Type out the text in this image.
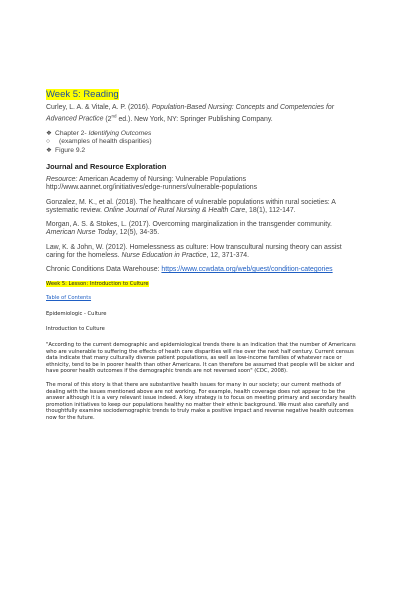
Week 5: Reading
Curley, L. A. & Vitale, A. P. (2016). Population-Based Nursing: Concepts and Competencies for Advanced Practice (2nd ed.). New York, NY: Springer Publishing Company.
❖ Chapter 2- Identifying Outcomes
○	(examples of health disparities)
❖ Figure 9.2
Journal and Resource Exploration
Resource: American Academy of Nursing: Vulnerable Populations
http://www.aannet.org/initiatives/edge-runners/vulnerable-populations
Gonzalez, M. K., et al. (2018). The healthcare of vulnerable populations within rural societies: A systematic review. Online Journal of Rural Nursing & Health Care, 18(1), 112-147.
Morgan, A. S. & Stokes, L. (2017). Overcoming marginalization in the transgender community. American Nurse Today, 12(5), 34-35.
Law, K. & John, W. (2012). Homelessness as culture: How transcultural nursing theory can assist caring for the homeless. Nurse Education in Practice, 12, 371-374.
Chronic Conditions Data Warehouse: https://www.ccwdata.org/web/guest/condition-categories
Week 5: Lesson: Introduction to Culture
Table of Contents

Epidemiologic - Culture

Introduction to Culture

"According to the current demographic and epidemiological trends there is an indication that the number of Americans who are vulnerable to suffering the effects of heath care disparities will rise over the next half century. Current census data indicate that many culturally diverse patient populations, as well as low-income families of whatever race or ethnicity, tend to be in poorer health than other Americans. It can therefore be assumed that people will be sicker and have poorer health outcomes if the demographic trends are not reversed soon" (CDC, 2008).

The moral of this story is that there are substantive health issues for many in our society; our current methods of dealing with the issues mentioned above are not working. For example, health coverage does not appear to be the answer although it is a very relevant issue indeed. A key strategy is to focus on meeting primary and secondary health promotion initiatives to keep our populations healthy no matter their ethnic background. We must also carefully and thoughtfully examine sociodemographic trends to truly make a positive impact and reverse negative health outcomes now for the future.
